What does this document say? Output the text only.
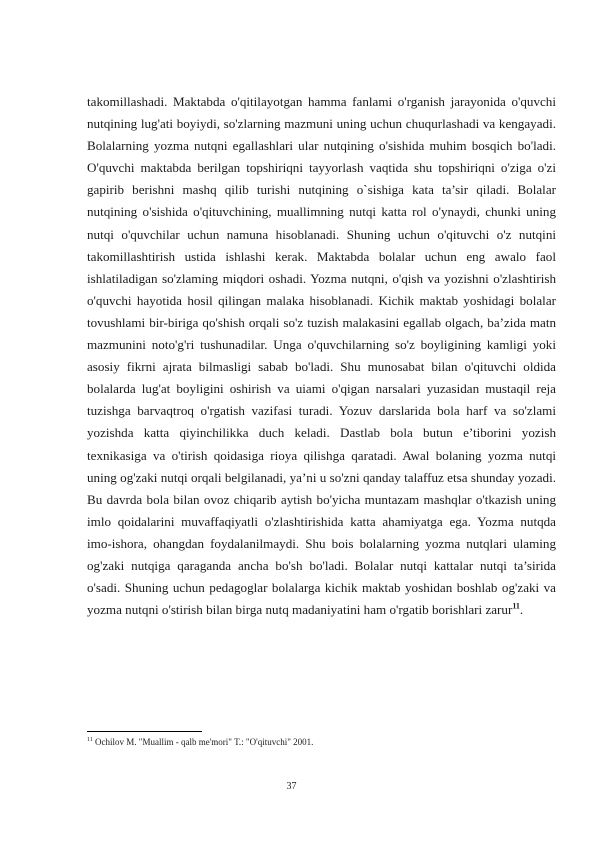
takomillashadi. Maktabda o'qitilayotgan hamma fanlami o'rganish jarayonida o'quvchi nutqining lug'ati boyiydi, so'zlarning mazmuni uning uchun chuqurlashadi va kengayadi. Bolalarning yozma nutqni egallashlari ular nutqining o'sishida muhim bosqich bo'ladi. O'quvchi maktabda berilgan topshiriqni tayyorlash vaqtida shu topshiriqni o'ziga o'zi gapirib berishni mashq qilib turishi nutqining o`sishiga kata ta’sir qiladi. Bolalar nutqining o'sishida o'qituvchining, muallimning nutqi katta rol o'ynaydi, chunki uning nutqi o'quvchilar uchun namuna hisoblanadi. Shuning uchun o'qituvchi o'z nutqini takomillashtirish ustida ishlashi kerak. Maktabda bolalar uchun eng awalo faol ishlatiladigan so'zlaming miqdori oshadi. Yozma nutqni, o'qish va yozishni o'zlashtirish o'quvchi hayotida hosil qilingan malaka hisoblanadi. Kichik maktab yoshidagi bolalar tovushlami bir-biriga qo'shish orqali so'z tuzish malakasini egallab olgach, ba’zida matn mazmunini noto'g'ri tushunadilar. Unga o'quvchilarning so'z boyligining kamligi yoki asosiy fikrni ajrata bilmasligi sabab bo'ladi. Shu munosabat bilan o'qituvchi oldida bolalarda lug'at boyligini oshirish va uiami o'qigan narsalari yuzasidan mustaqil reja tuzishga barvaqtroq o'rgatish vazifasi turadi. Yozuv darslarida bola harf va so'zlami yozishda katta qiyinchilikka duch keladi. Dastlab bola butun e’tiborini yozish texnikasiga va o'tirish qoidasiga rioya qilishga qaratadi. Awal bolaning yozma nutqi uning og'zaki nutqi orqali belgilanadi, ya’ni u so'zni qanday talaffuz etsa shunday yozadi. Bu davrda bola bilan ovoz chiqarib aytish bo'yicha muntazam mashqlar o'tkazish uning imlo qoidalarini muvaffaqiyatli o'zlashtirishida katta ahamiyatga ega. Yozma nutqda imo-ishora, ohangdan foydalanilmaydi. Shu bois bolalarning yozma nutqlari ulaming og'zaki nutqiga qaraganda ancha bo'sh bo'ladi. Bolalar nutqi kattalar nutqi ta’sirida o'sadi. Shuning uchun pedagoglar bolalarga kichik maktab yoshidan boshlab og'zaki va yozma nutqni o'stirish bilan birga nutq madaniyatini ham o'rgatib borishlari zarur$^{11}$.

$^{11}$ Ochilov M. "Muallim - qalb me'mori" T.: "O'qituvchi" 2001.

37
